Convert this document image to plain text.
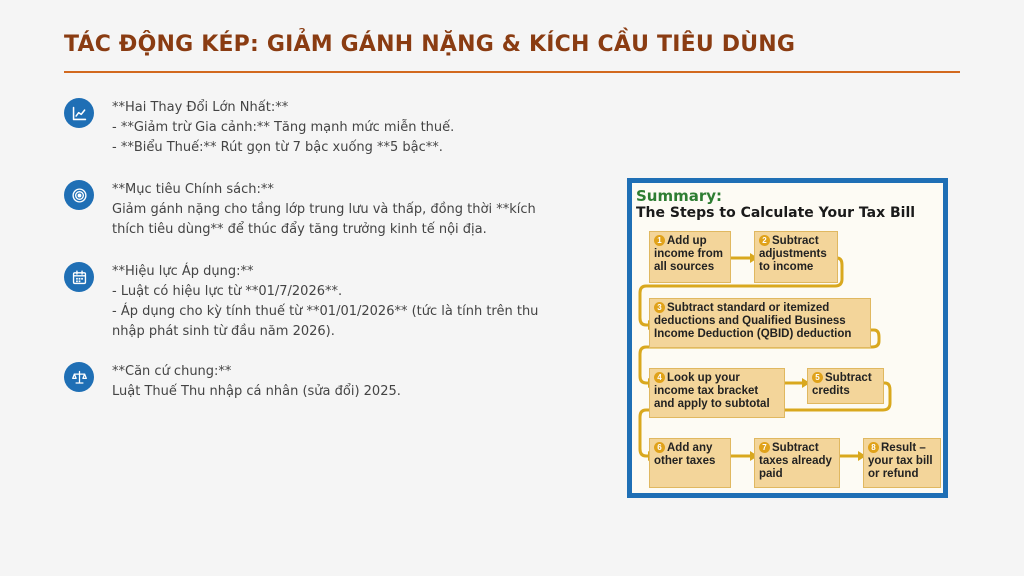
TÁC ĐỘNG KÉP: GIẢM GÁNH NẶNG & KÍCH CẦU TIÊU DÙNG
**Hai Thay Đổi Lớn Nhất:**
- **Giảm trừ Gia cảnh:** Tăng mạnh mức miễn thuế.
- **Biểu Thuế:** Rút gọn từ 7 bậc xuống **5 bậc**.
**Mục tiêu Chính sách:**
Giảm gánh nặng cho tầng lớp trung lưu và thấp, đồng thời **kích
thích tiêu dùng** để thúc đẩy tăng trưởng kinh tế nội địa.
**Hiệu lực Áp dụng:**
- Luật có hiệu lực từ **01/7/2026**.
- Áp dụng cho kỳ tính thuế từ **01/01/2026** (tức là tính trên thu
nhập phát sinh từ đầu năm 2026).
**Căn cứ chung:**
Luật Thuế Thu nhập cá nhân (sửa đổi) 2025.
Summary:
The Steps to Calculate Your Tax Bill
1 Add up income from all sources
2 Subtract adjustments to income
3 Subtract standard or itemized deductions and Qualified Business Income Deduction (QBID) deduction
4 Look up your income tax bracket and apply to subtotal
5 Subtract credits
6 Add any other taxes
7 Subtract taxes already paid
8 Result – your tax bill or refund
